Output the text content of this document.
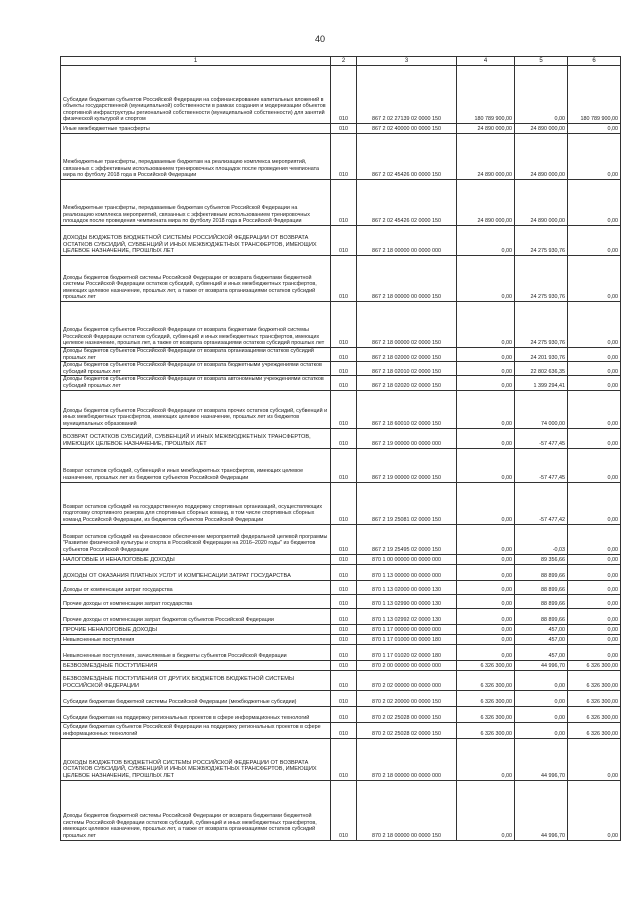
40
1	2	3	4	5	6
Субсидии бюджетам субъектов Российской Федерации на софинансирование капитальных вложений в объекты государственной (муниципальной) собственности в рамках создания и модернизации объектов спортивной инфраструктуры региональной собственности (муниципальной собственности) для занятий физической культурой и спортом	010	867 2 02 27139 02 0000 150	180 789 900,00	0,00	180 789 900,00
Иные межбюджетные трансферты	010	867 2 02 40000 00 0000 150	24 890 000,00	24 890 000,00	0,00
Межбюджетные трансферты, передаваемые бюджетам на реализацию комплекса мероприятий, связанных с эффективным использованием тренировочных площадок после проведения чемпионата мира по футболу 2018 года в Российской Федерации	010	867 2 02 45426 00 0000 150	24 890 000,00	24 890 000,00	0,00
Межбюджетные трансферты, передаваемые бюджетам субъектов Российской Федерации на реализацию комплекса мероприятий, связанных с эффективным использованием тренировочных площадок после проведения чемпионата мира по футболу 2018 года в Российской Федерации	010	867 2 02 45426 02 0000 150	24 890 000,00	24 890 000,00	0,00
ДОХОДЫ БЮДЖЕТОВ БЮДЖЕТНОЙ СИСТЕМЫ РОССИЙСКОЙ ФЕДЕРАЦИИ ОТ ВОЗВРАТА ОСТАТКОВ СУБСИДИЙ, СУБВЕНЦИЙ И ИНЫХ МЕЖБЮДЖЕТНЫХ ТРАНСФЕРТОВ, ИМЕЮЩИХ ЦЕЛЕВОЕ НАЗНАЧЕНИЕ, ПРОШЛЫХ ЛЕТ	010	867 2 18 00000 00 0000 000	0,00	24 275 930,76	0,00
Доходы бюджетов бюджетной системы Российской Федерации от возврата бюджетами бюджетной системы Российской Федерации остатков субсидий, субвенций и иных межбюджетных трансфертов, имеющих целевое назначение, прошлых лет, а также от возврата организациями остатков субсидий прошлых лет	010	867 2 18 00000 00 0000 150	0,00	24 275 930,76	0,00
Доходы бюджетов субъектов Российской Федерации от возврата бюджетами бюджетной системы Российской Федерации остатков субсидий, субвенций и иных межбюджетных трансфертов, имеющих целевое назначение, прошлых лет, а также от возврата организациями остатков субсидий прошлых лет	010	867 2 18 00000 02 0000 150	0,00	24 275 930,76	0,00
Доходы бюджетов субъектов Российской Федерации от возврата организациями остатков субсидий прошлых лет	010	867 2 18 02000 02 0000 150	0,00	24 201 930,76	0,00
Доходы бюджетов субъектов Российской Федерации от возврата бюджетными учреждениями остатков субсидий прошлых лет	010	867 2 18 02010 02 0000 150	0,00	22 802 636,35	0,00
Доходы бюджетов субъектов Российской Федерации от возврата автономными учреждениями остатков субсидий прошлых лет	010	867 2 18 02020 02 0000 150	0,00	1 399 294,41	0,00
Доходы бюджетов субъектов Российской Федерации от возврата прочих остатков субсидий, субвенций и иных межбюджетных трансфертов, имеющих целевое назначение, прошлых лет из бюджетов муниципальных образований	010	867 2 18 60010 02 0000 150	0,00	74 000,00	0,00
ВОЗВРАТ ОСТАТКОВ СУБСИДИЙ, СУБВЕНЦИЙ И ИНЫХ МЕЖБЮДЖЕТНЫХ ТРАНСФЕРТОВ, ИМЕЮЩИХ ЦЕЛЕВОЕ НАЗНАЧЕНИЕ, ПРОШЛЫХ ЛЕТ	010	867 2 19 00000 00 0000 000	0,00	-57 477,45	0,00
Возврат остатков субсидий, субвенций и иных межбюджетных трансфертов, имеющих целевое назначение, прошлых лет из бюджетов субъектов Российской Федерации	010	867 2 19 00000 02 0000 150	0,00	-57 477,45	0,00
Возврат остатков субсидий на государственную поддержку спортивных организаций, осуществляющих подготовку спортивного резерва для спортивных сборных команд, в том числе спортивных сборных команд Российской Федерации, из бюджетов субъектов Российской Федерации	010	867 2 19 25081 02 0000 150	0,00	-57 477,42	0,00
Возврат остатков субсидий на финансовое обеспечение мероприятий федеральной целевой программы "Развитие физической культуры и спорта в Российской Федерации на 2016–2020 годы" из бюджетов субъектов Российской Федерации	010	867 2 19 25495 02 0000 150	0,00	-0,03	0,00
НАЛОГОВЫЕ И НЕНАЛОГОВЫЕ ДОХОДЫ	010	870 1 00 00000 00 0000 000	0,00	89 356,66	0,00
ДОХОДЫ ОТ ОКАЗАНИЯ ПЛАТНЫХ УСЛУГ И КОМПЕНСАЦИИ ЗАТРАТ ГОСУДАРСТВА	010	870 1 13 00000 00 0000 000	0,00	88 899,66	0,00
Доходы от компенсации затрат государства	010	870 1 13 02000 00 0000 130	0,00	88 899,66	0,00
Прочие доходы от компенсации затрат государства	010	870 1 13 02990 00 0000 130	0,00	88 899,66	0,00
Прочие доходы от компенсации затрат бюджетов субъектов Российской Федерации	010	870 1 13 02992 02 0000 130	0,00	88 899,66	0,00
ПРОЧИЕ НЕНАЛОГОВЫЕ ДОХОДЫ	010	870 1 17 00000 00 0000 000	0,00	457,00	0,00
Невыясненные поступления	010	870 1 17 01000 00 0000 180	0,00	457,00	0,00
Невыясненные поступления, зачисляемые в бюджеты субъектов Российской Федерации	010	870 1 17 01020 02 0000 180	0,00	457,00	0,00
БЕЗВОЗМЕЗДНЫЕ ПОСТУПЛЕНИЯ	010	870 2 00 00000 00 0000 000	6 326 300,00	44 996,70	6 326 300,00
БЕЗВОЗМЕЗДНЫЕ ПОСТУПЛЕНИЯ ОТ ДРУГИХ БЮДЖЕТОВ БЮДЖЕТНОЙ СИСТЕМЫ РОССИЙСКОЙ ФЕДЕРАЦИИ	010	870 2 02 00000 00 0000 000	6 326 300,00	0,00	6 326 300,00
Субсидии бюджетам бюджетной системы Российской Федерации (межбюджетные субсидии)	010	870 2 02 20000 00 0000 150	6 326 300,00	0,00	6 326 300,00
Субсидии бюджетам на поддержку региональных проектов в сфере информационных технологий	010	870 2 02 25028 00 0000 150	6 326 300,00	0,00	6 326 300,00
Субсидии бюджетам субъектов Российской Федерации на поддержку региональных проектов в сфере информационных технологий	010	870 2 02 25028 02 0000 150	6 326 300,00	0,00	6 326 300,00
ДОХОДЫ БЮДЖЕТОВ БЮДЖЕТНОЙ СИСТЕМЫ РОССИЙСКОЙ ФЕДЕРАЦИИ ОТ ВОЗВРАТА ОСТАТКОВ СУБСИДИЙ, СУБВЕНЦИЙ И ИНЫХ МЕЖБЮДЖЕТНЫХ ТРАНСФЕРТОВ, ИМЕЮЩИХ ЦЕЛЕВОЕ НАЗНАЧЕНИЕ, ПРОШЛЫХ ЛЕТ	010	870 2 18 00000 00 0000 000	0,00	44 996,70	0,00
Доходы бюджетов бюджетной системы Российской Федерации от возврата бюджетами бюджетной системы Российской Федерации остатков субсидий, субвенций и иных межбюджетных трансфертов, имеющих целевое назначение, прошлых лет, а также от возврата организациями остатков субсидий прошлых лет	010	870 2 18 00000 00 0000 150	0,00	44 996,70	0,00
